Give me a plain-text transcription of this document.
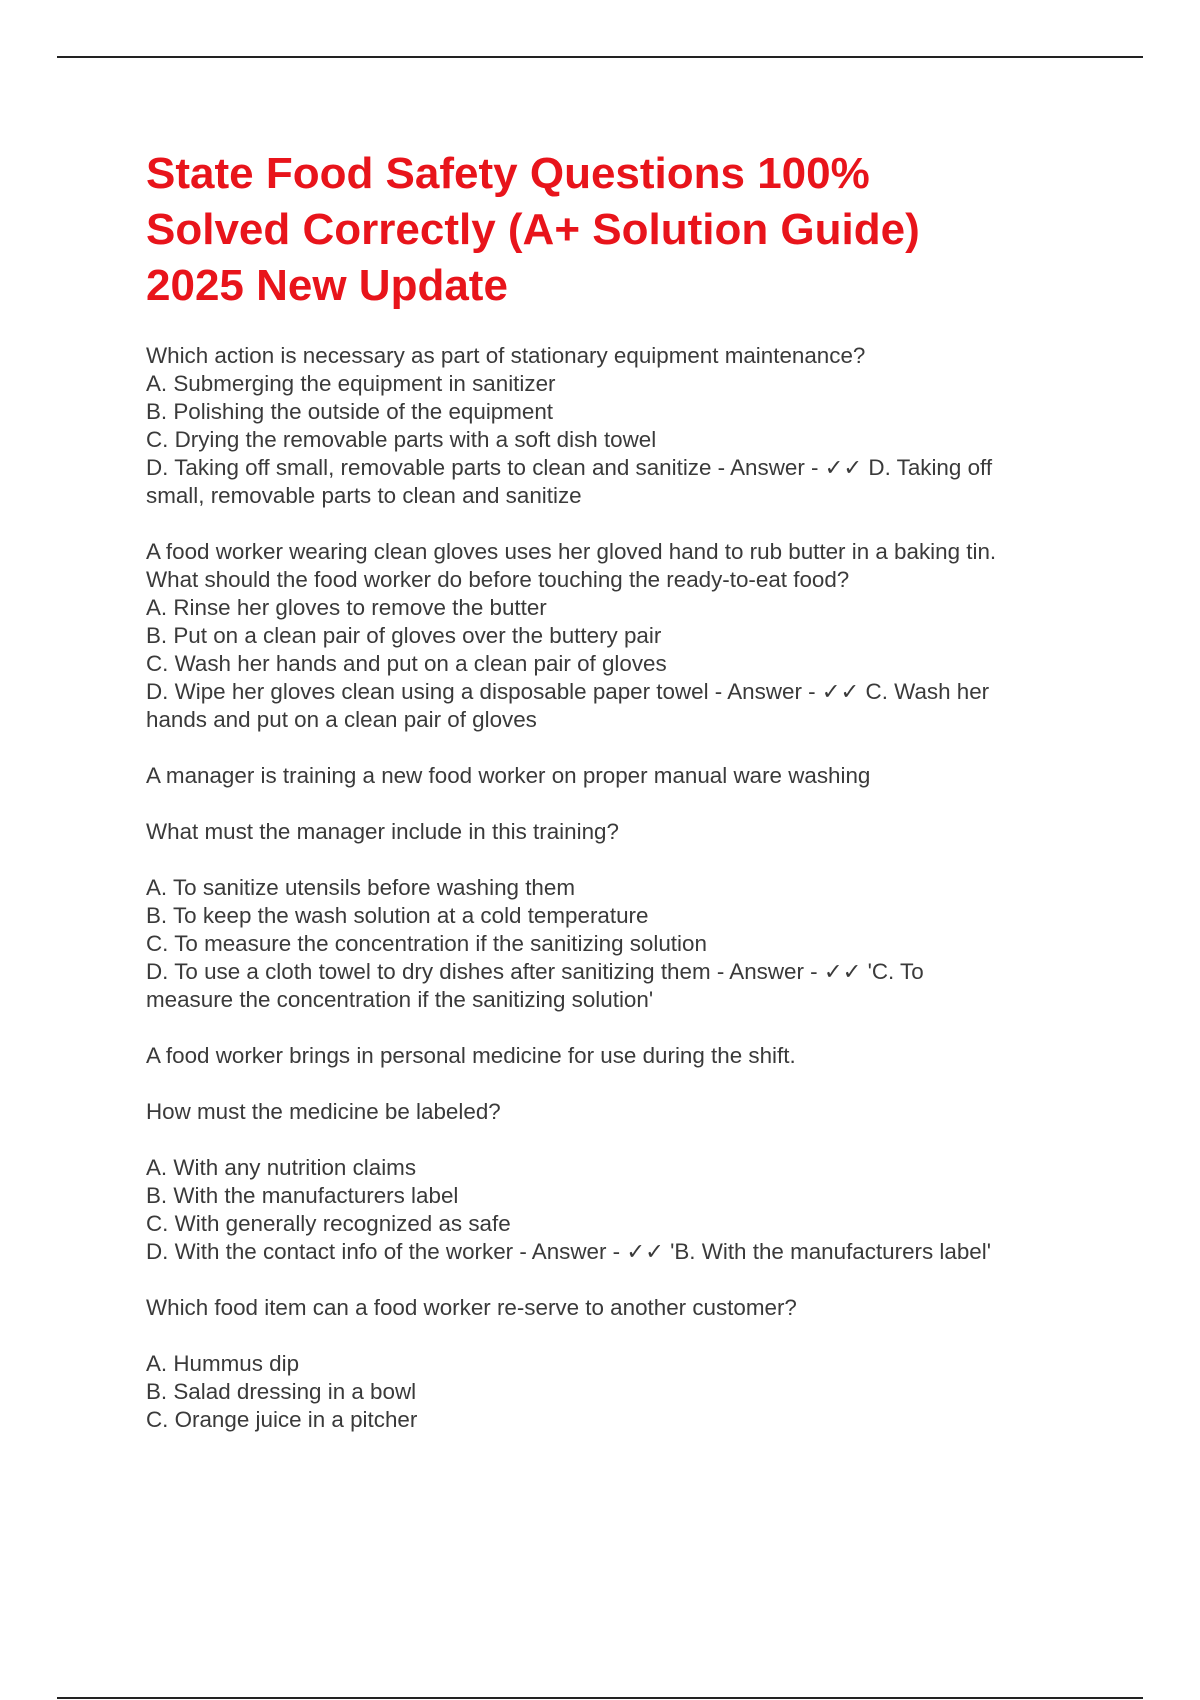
State Food Safety Questions 100%
Solved Correctly (A+ Solution Guide)
2025 New Update
Which action is necessary as part of stationary equipment maintenance?
A. Submerging the equipment in sanitizer
B. Polishing the outside of the equipment
C. Drying the removable parts with a soft dish towel
D. Taking off small, removable parts to clean and sanitize - Answer - ✓✓ D. Taking off
small, removable parts to clean and sanitize
A food worker wearing clean gloves uses her gloved hand to rub butter in a baking tin.
What should the food worker do before touching the ready-to-eat food?
A. Rinse her gloves to remove the butter
B. Put on a clean pair of gloves over the buttery pair
C. Wash her hands and put on a clean pair of gloves
D. Wipe her gloves clean using a disposable paper towel - Answer - ✓✓ C. Wash her
hands and put on a clean pair of gloves
A manager is training a new food worker on proper manual ware washing
What must the manager include in this training?
A. To sanitize utensils before washing them
B. To keep the wash solution at a cold temperature
C. To measure the concentration if the sanitizing solution
D. To use a cloth towel to dry dishes after sanitizing them - Answer - ✓✓ 'C. To
measure the concentration if the sanitizing solution'
A food worker brings in personal medicine for use during the shift.
How must the medicine be labeled?
A. With any nutrition claims
B. With the manufacturers label
C. With generally recognized as safe
D. With the contact info of the worker - Answer - ✓✓ 'B. With the manufacturers label'
Which food item can a food worker re-serve to another customer?
A. Hummus dip
B. Salad dressing in a bowl
C. Orange juice in a pitcher
